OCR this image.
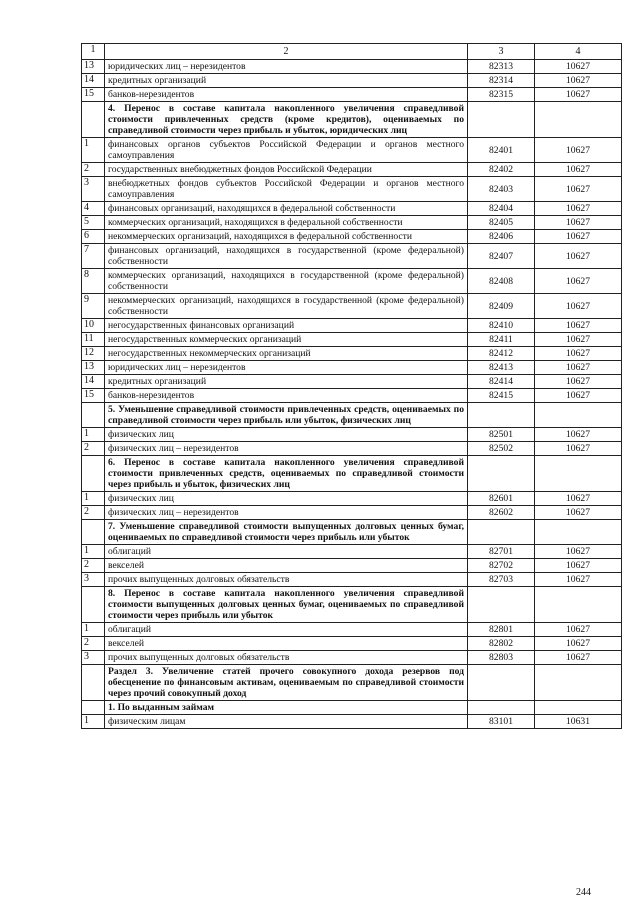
1	2	3	4
13	юридических лиц – нерезидентов	82313	10627
14	кредитных организаций	82314	10627
15	банков-нерезидентов	82315	10627
	4. Перенос в составе капитала накопленного увеличения справедливой стоимости привлеченных средств (кроме кредитов), оцениваемых по справедливой стоимости через прибыль и убыток, юридических лиц		
1	финансовых органов субъектов Российской Федерации и органов местного самоуправления	82401	10627
2	государственных внебюджетных фондов Российской Федерации	82402	10627
3	внебюджетных фондов субъектов Российской Федерации и органов местного самоуправления	82403	10627
4	финансовых организаций, находящихся в федеральной собственности	82404	10627
5	коммерческих организаций, находящихся в федеральной собственности	82405	10627
6	некоммерческих организаций, находящихся в федеральной собственности	82406	10627
7	финансовых организаций, находящихся в государственной (кроме федеральной) собственности	82407	10627
8	коммерческих организаций, находящихся в государственной (кроме федеральной) собственности	82408	10627
9	некоммерческих организаций, находящихся в государственной (кроме федеральной) собственности	82409	10627
10	негосударственных финансовых организаций	82410	10627
11	негосударственных коммерческих организаций	82411	10627
12	негосударственных некоммерческих организаций	82412	10627
13	юридических лиц – нерезидентов	82413	10627
14	кредитных организаций	82414	10627
15	банков-нерезидентов	82415	10627
	5. Уменьшение справедливой стоимости привлеченных средств, оцениваемых по справедливой стоимости через прибыль или убыток, физических лиц		
1	физических лиц	82501	10627
2	физических лиц – нерезидентов	82502	10627
	6. Перенос в составе капитала накопленного увеличения справедливой стоимости привлеченных средств, оцениваемых по справедливой стоимости через прибыль и убыток, физических лиц		
1	физических лиц	82601	10627
2	физических лиц – нерезидентов	82602	10627
	7. Уменьшение справедливой стоимости выпущенных долговых ценных бумаг, оцениваемых по справедливой стоимости через прибыль или убыток		
1	облигаций	82701	10627
2	векселей	82702	10627
3	прочих выпущенных долговых обязательств	82703	10627
	8. Перенос в составе капитала накопленного увеличения справедливой стоимости выпущенных долговых ценных бумаг, оцениваемых по справедливой стоимости через прибыль или убыток		
1	облигаций	82801	10627
2	векселей	82802	10627
3	прочих выпущенных долговых обязательств	82803	10627
	Раздел 3. Увеличение статей прочего совокупного дохода резервов под обесценение по финансовым активам, оцениваемым по справедливой стоимости через прочий совокупный доход		
	1. По выданным займам		
1	физическим лицам	83101	10631
244
